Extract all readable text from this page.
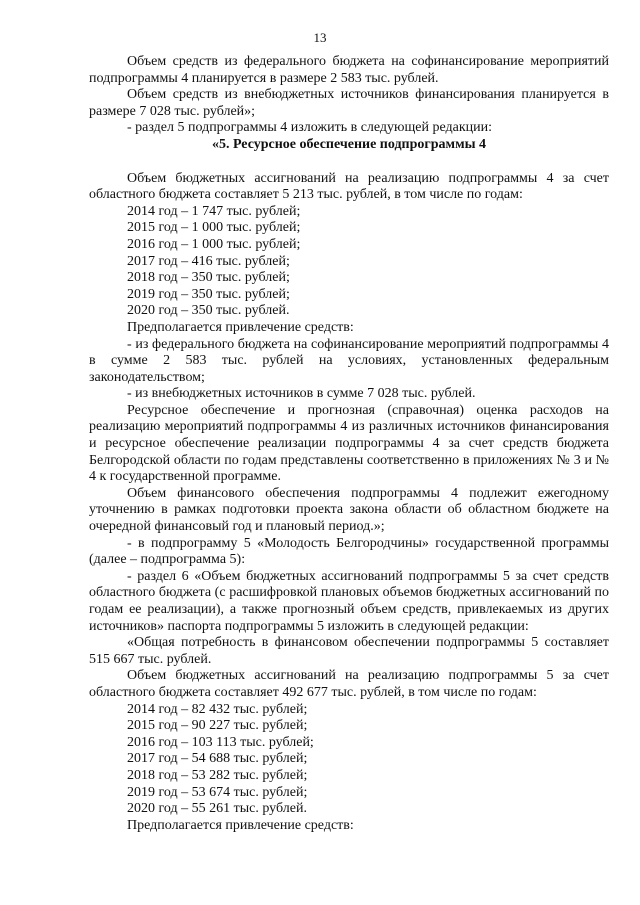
13

Объем средств из федерального бюджета на софинансирование мероприятий подпрограммы 4 планируется в размере 2 583 тыс. рублей.

Объем средств из внебюджетных источников финансирования планируется в размере 7 028 тыс. рублей»;

- раздел 5 подпрограммы 4 изложить в следующей редакции:

«5. Ресурсное обеспечение подпрограммы 4

Объем бюджетных ассигнований на реализацию подпрограммы 4 за счет областного бюджета составляет 5 213 тыс. рублей, в том числе по годам:

2014 год – 1 747 тыс. рублей;

2015 год – 1 000 тыс. рублей;

2016 год – 1 000 тыс. рублей;

2017 год – 416 тыс. рублей;

2018 год – 350 тыс. рублей;

2019 год – 350 тыс. рублей;

2020 год – 350 тыс. рублей.

Предполагается привлечение средств:

- из федерального бюджета на софинансирование мероприятий подпрограммы 4 в сумме 2 583 тыс. рублей на условиях, установленных федеральным законодательством;

- из внебюджетных источников в сумме 7 028 тыс. рублей.

Ресурсное обеспечение и прогнозная (справочная) оценка расходов на реализацию мероприятий подпрограммы 4 из различных источников финансирования и ресурсное обеспечение реализации подпрограммы 4 за счет средств бюджета Белгородской области по годам представлены соответственно в приложениях № 3 и № 4 к государственной программе.

Объем финансового обеспечения подпрограммы 4 подлежит ежегодному уточнению в рамках подготовки проекта закона области об областном бюджете на очередной финансовый год и плановый период.»;

- в подпрограмму 5 «Молодость Белгородчины» государственной программы (далее – подпрограмма 5):

- раздел 6 «Объем бюджетных ассигнований подпрограммы 5 за счет средств областного бюджета (с расшифровкой плановых объемов бюджетных ассигнований по годам ее реализации), а также прогнозный объем средств, привлекаемых из других источников» паспорта подпрограммы 5 изложить в следующей редакции:

«Общая потребность в финансовом обеспечении подпрограммы 5 составляет 515 667 тыс. рублей.

Объем бюджетных ассигнований на реализацию подпрограммы 5 за счет областного бюджета составляет 492 677 тыс. рублей, в том числе по годам:

2014 год – 82 432 тыс. рублей;

2015 год – 90 227 тыс. рублей;

2016 год – 103 113 тыс. рублей;

2017 год – 54 688 тыс. рублей;

2018 год – 53 282 тыс. рублей;

2019 год – 53 674 тыс. рублей;

2020 год – 55 261 тыс. рублей.

Предполагается привлечение средств:
